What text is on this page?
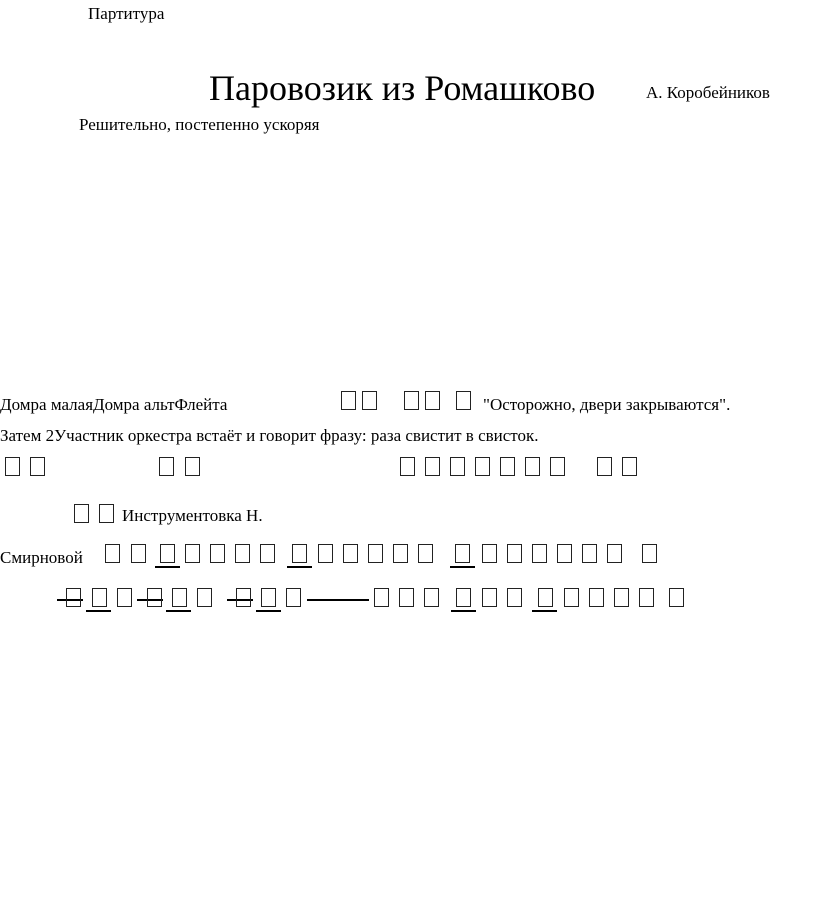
Партитура
Паровозик из Ромашково	А. Коробейников
Решительно, постепенно ускоряя
Домра малаяДомра альтФлейта	"Осторожно, двери закрываются".
Затем 2Участник оркестра встаёт и говорит фразу: раза свистит в свисток.
Инструментовка Н.
Смирновой
